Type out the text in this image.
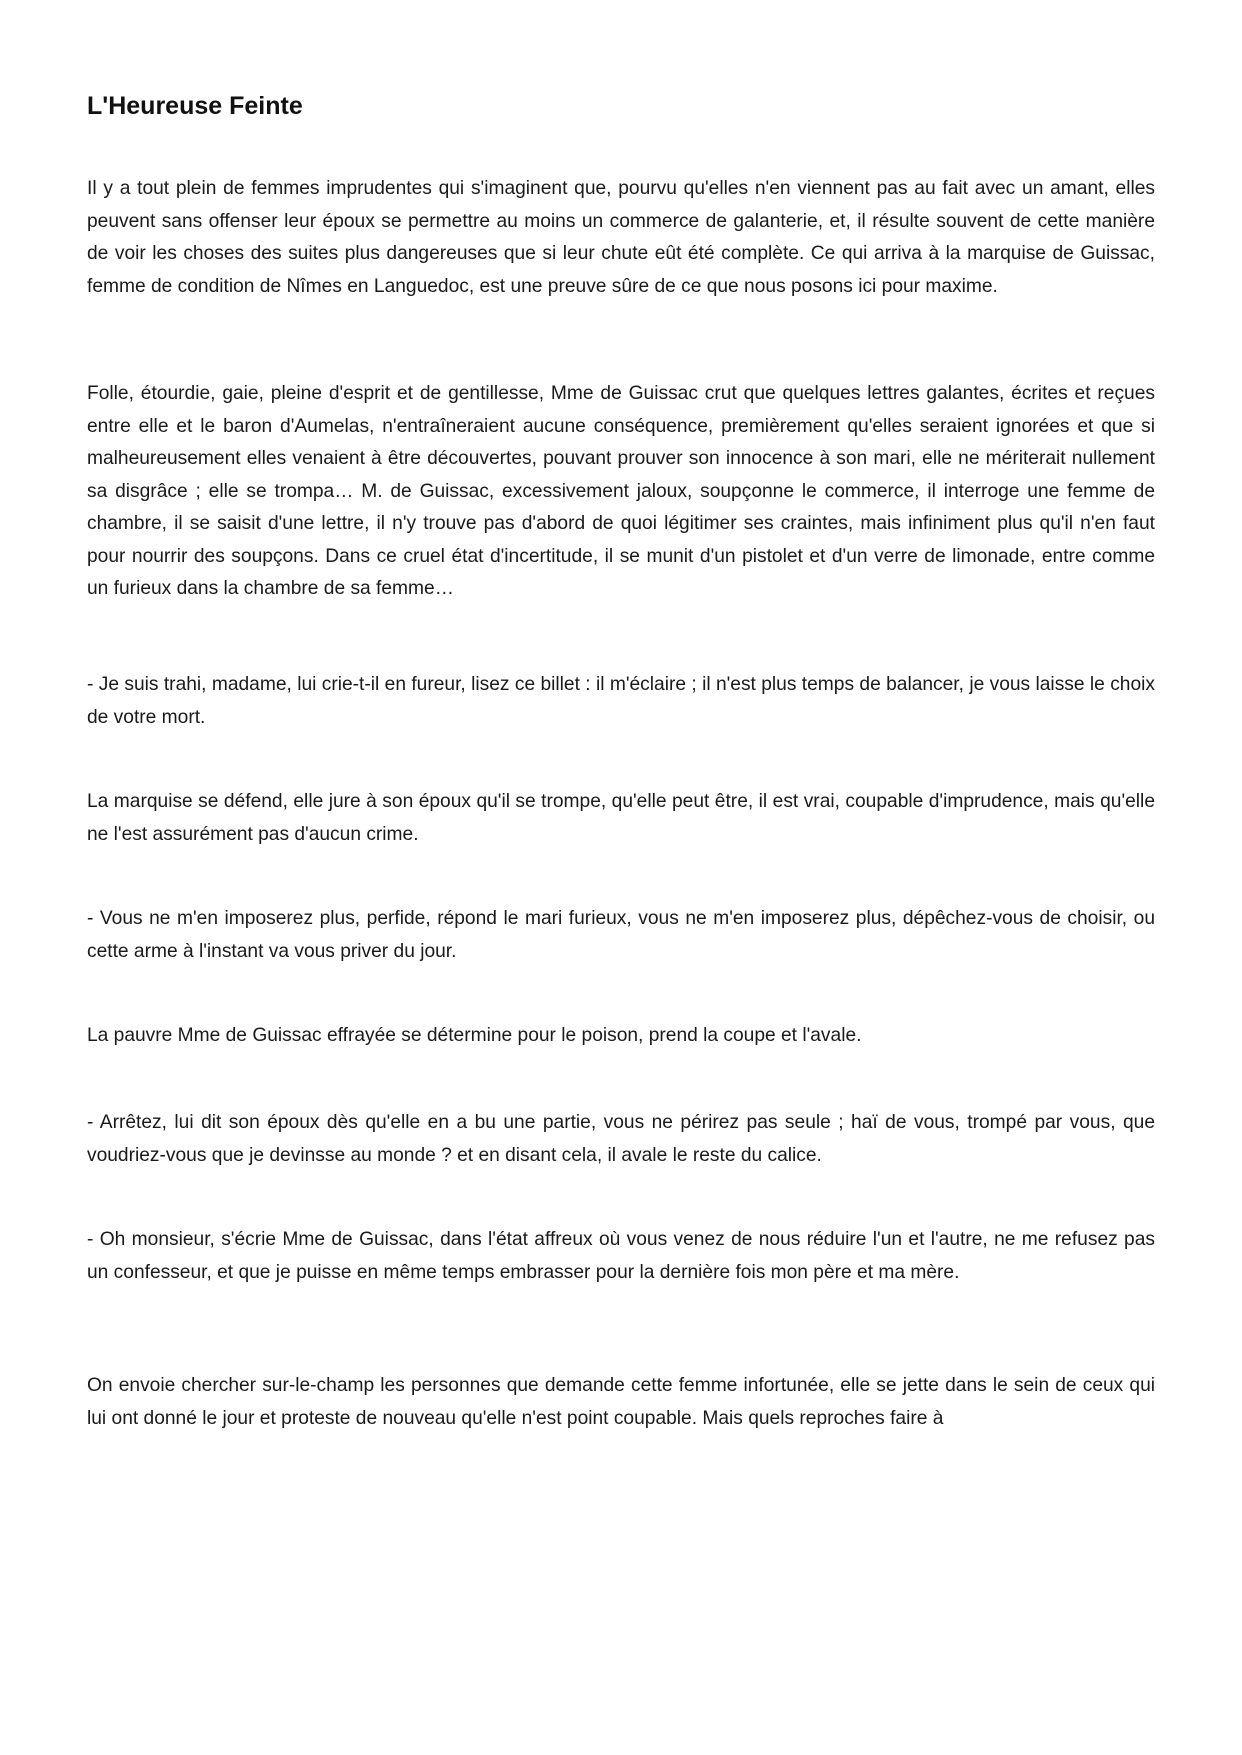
L'Heureuse Feinte

Il y a tout plein de femmes imprudentes qui s'imaginent que, pourvu qu'elles n'en viennent pas au fait avec un amant, elles peuvent sans offenser leur époux se permettre au moins un commerce de galanterie, et, il résulte souvent de cette manière de voir les choses des suites plus dangereuses que si leur chute eût été complète. Ce qui arriva à la marquise de Guissac, femme de condition de Nîmes en Languedoc, est une preuve sûre de ce que nous posons ici pour maxime.

Folle, étourdie, gaie, pleine d'esprit et de gentillesse, Mme de Guissac crut que quelques lettres galantes, écrites et reçues entre elle et le baron d'Aumelas, n'entraîneraient aucune conséquence, premièrement qu'elles seraient ignorées et que si malheureusement elles venaient à être découvertes, pouvant prouver son innocence à son mari, elle ne mériterait nullement sa disgrâce ; elle se trompa… M. de Guissac, excessivement jaloux, soupçonne le commerce, il interroge une femme de chambre, il se saisit d'une lettre, il n'y trouve pas d'abord de quoi légitimer ses craintes, mais infiniment plus qu'il n'en faut pour nourrir des soupçons. Dans ce cruel état d'incertitude, il se munit d'un pistolet et d'un verre de limonade, entre comme un furieux dans la chambre de sa femme…

- Je suis trahi, madame, lui crie-t-il en fureur, lisez ce billet : il m'éclaire ; il n'est plus temps de balancer, je vous laisse le choix de votre mort.

La marquise se défend, elle jure à son époux qu'il se trompe, qu'elle peut être, il est vrai, coupable d'imprudence, mais qu'elle ne l'est assurément pas d'aucun crime.

- Vous ne m'en imposerez plus, perfide, répond le mari furieux, vous ne m'en imposerez plus, dépêchez-vous de choisir, ou cette arme à l'instant va vous priver du jour.

La pauvre Mme de Guissac effrayée se détermine pour le poison, prend la coupe et l'avale.

- Arrêtez, lui dit son époux dès qu'elle en a bu une partie, vous ne périrez pas seule ; haï de vous, trompé par vous, que voudriez-vous que je devinsse au monde ? et en disant cela, il avale le reste du calice.

- Oh monsieur, s'écrie Mme de Guissac, dans l'état affreux où vous venez de nous réduire l'un et l'autre, ne me refusez pas un confesseur, et que je puisse en même temps embrasser pour la dernière fois mon père et ma mère.

On envoie chercher sur-le-champ les personnes que demande cette femme infortunée, elle se jette dans le sein de ceux qui lui ont donné le jour et proteste de nouveau qu'elle n'est point coupable. Mais quels reproches faire à
